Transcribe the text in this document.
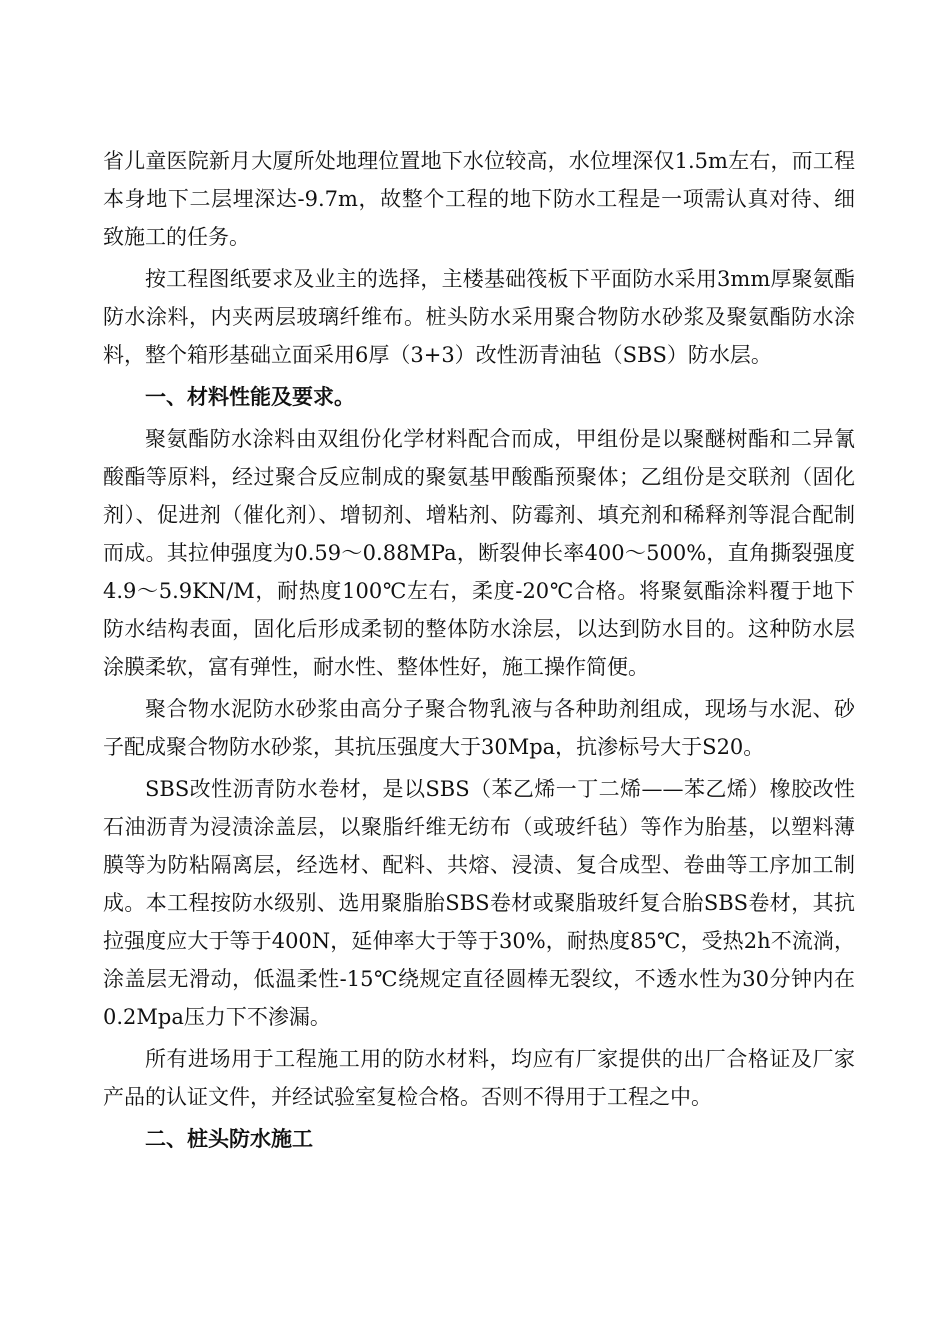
省儿童医院新月大厦所处地理位置地下水位较高，水位埋深仅1.5m左右，而工程本身地下二层埋深达-9.7m，故整个工程的地下防水工程是一项需认真对待、细致施工的任务。

按工程图纸要求及业主的选择，主楼基础筏板下平面防水采用3mm厚聚氨酯防水涂料，内夹两层玻璃纤维布。桩头防水采用聚合物防水砂浆及聚氨酯防水涂料，整个箱形基础立面采用6厚（3+3）改性沥青油毡（SBS）防水层。

一、材料性能及要求。

聚氨酯防水涂料由双组份化学材料配合而成，甲组份是以聚醚树酯和二异氰酸酯等原料，经过聚合反应制成的聚氨基甲酸酯预聚体；乙组份是交联剂（固化剂）、促进剂（催化剂）、增韧剂、增粘剂、防霉剂、填充剂和稀释剂等混合配制而成。其拉伸强度为0.59～0.88MPa，断裂伸长率400～500%，直角撕裂强度4.9～5.9KN/M，耐热度100℃左右，柔度-20℃合格。将聚氨酯涂料覆于地下防水结构表面，固化后形成柔韧的整体防水涂层，以达到防水目的。这种防水层涂膜柔软，富有弹性，耐水性、整体性好，施工操作简便。

聚合物水泥防水砂浆由高分子聚合物乳液与各种助剂组成，现场与水泥、砂子配成聚合物防水砂浆，其抗压强度大于30Mpa，抗渗标号大于S20。

SBS改性沥青防水卷材，是以SBS（苯乙烯一丁二烯——苯乙烯）橡胶改性石油沥青为浸渍涂盖层，以聚脂纤维无纺布（或玻纤毡）等作为胎基，以塑料薄膜等为防粘隔离层，经选材、配料、共熔、浸渍、复合成型、卷曲等工序加工制成。本工程按防水级别、选用聚脂胎SBS卷材或聚脂玻纤复合胎SBS卷材，其抗拉强度应大于等于400N，延伸率大于等于30%，耐热度85℃，受热2h不流淌，涂盖层无滑动，低温柔性-15℃绕规定直径圆棒无裂纹，不透水性为30分钟内在0.2Mpa压力下不渗漏。

所有进场用于工程施工用的防水材料，均应有厂家提供的出厂合格证及厂家产品的认证文件，并经试验室复检合格。否则不得用于工程之中。

二、桩头防水施工
